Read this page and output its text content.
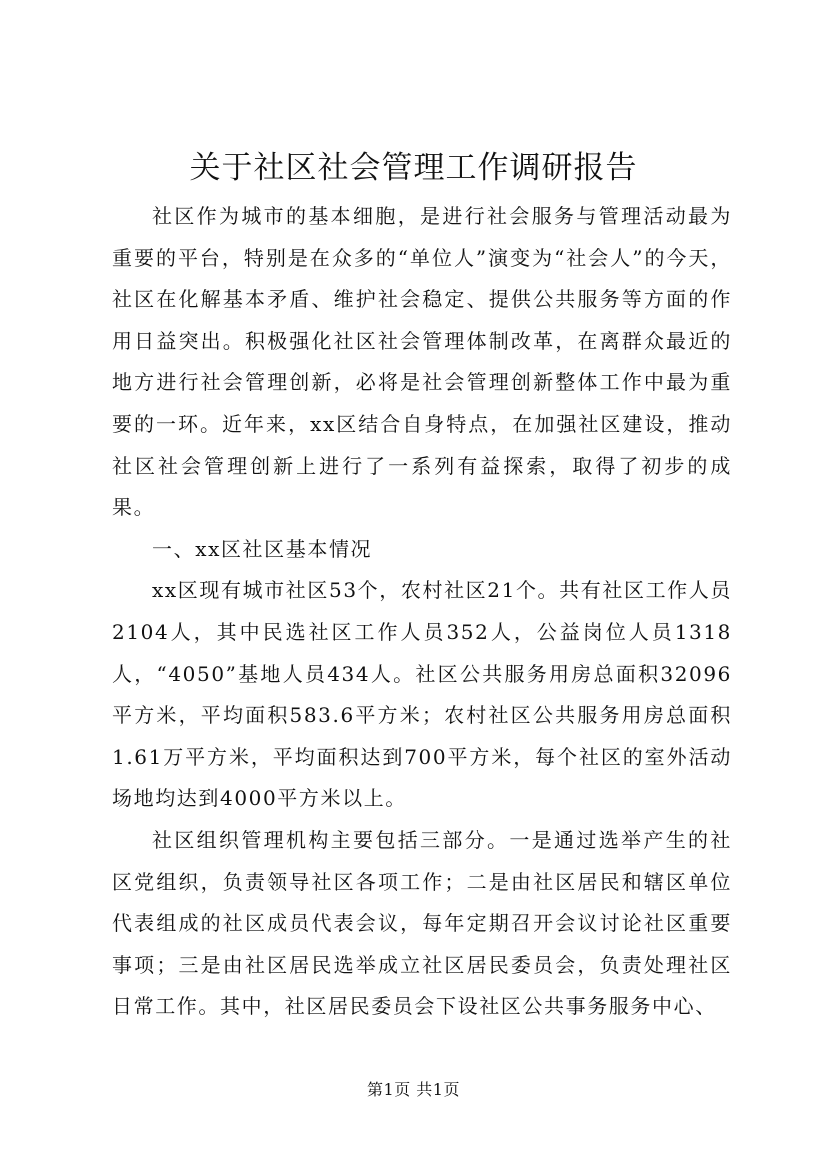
关于社区社会管理工作调研报告

社区作为城市的基本细胞，是进行社会服务与管理活动最为重要的平台，特别是在众多的“单位人”演变为“社会人”的今天，社区在化解基本矛盾、维护社会稳定、提供公共服务等方面的作用日益突出。积极强化社区社会管理体制改革，在离群众最近的地方进行社会管理创新，必将是社会管理创新整体工作中最为重要的一环。近年来，xx区结合自身特点，在加强社区建设，推动社区社会管理创新上进行了一系列有益探索，取得了初步的成果。

一、xx区社区基本情况

xx区现有城市社区53个，农村社区21个。共有社区工作人员2104人，其中民选社区工作人员352人，公益岗位人员1318人，“4050”基地人员434人。社区公共服务用房总面积32096平方米，平均面积583.6平方米；农村社区公共服务用房总面积1.61万平方米，平均面积达到700平方米，每个社区的室外活动场地均达到4000平方米以上。

社区组织管理机构主要包括三部分。一是通过选举产生的社区党组织，负责领导社区各项工作；二是由社区居民和辖区单位代表组成的社区成员代表会议，每年定期召开会议讨论社区重要事项；三是由社区居民选举成立社区居民委员会，负责处理社区日常工作。其中，社区居民委员会下设社区公共事务服务中心、

第1页 共1页
